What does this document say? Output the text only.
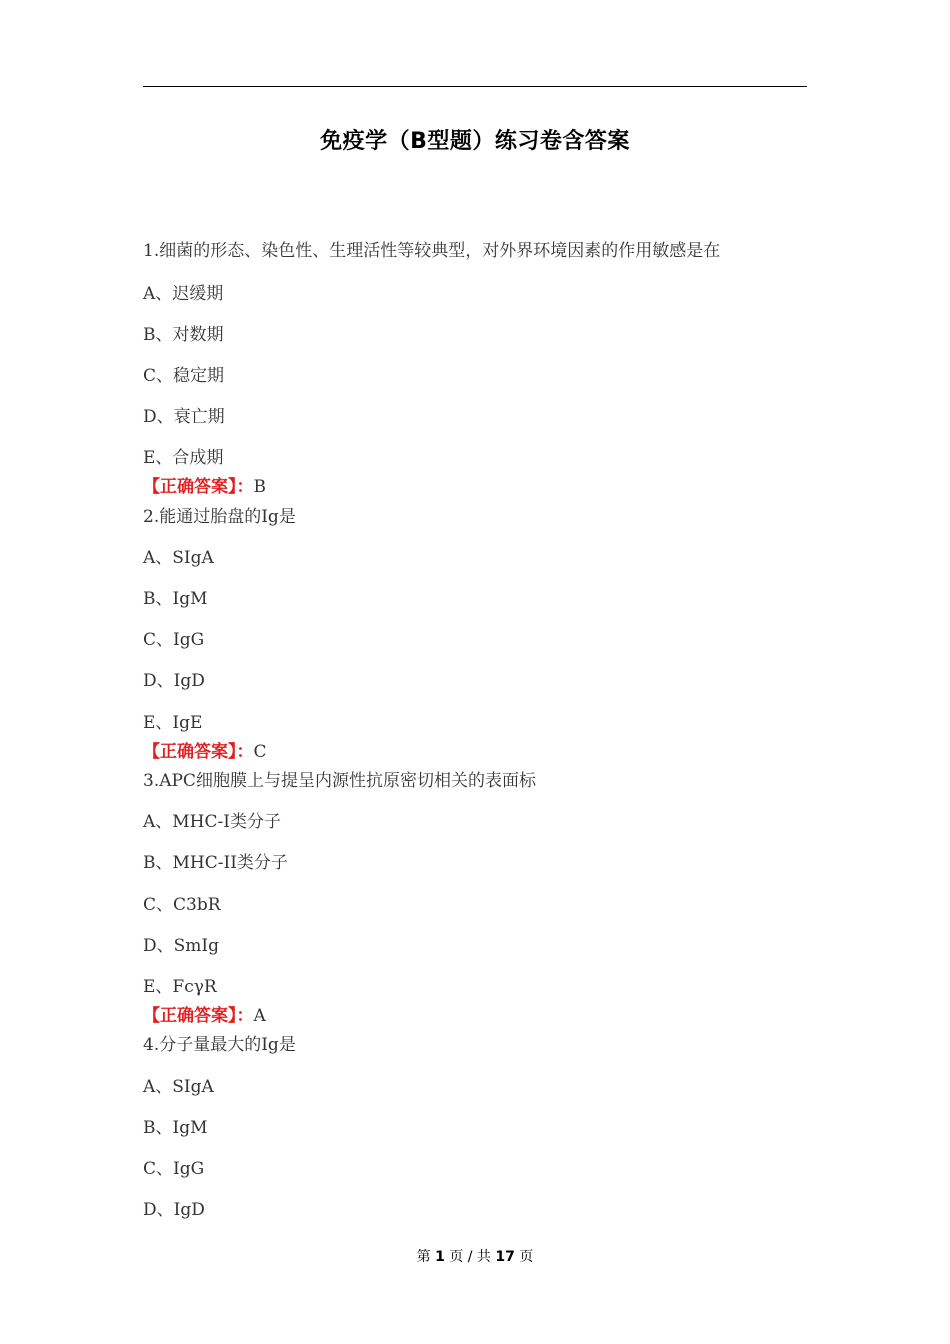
免疫学（B型题）练习卷含答案
1.细菌的形态、染色性、生理活性等较典型，对外界环境因素的作用敏感是在
A、迟缓期
B、对数期
C、稳定期
D、衰亡期
E、合成期
【正确答案】：B
2.能通过胎盘的Ig是
A、SIgA
B、IgM
C、IgG
D、IgD
E、IgE
【正确答案】：C
3.APC细胞膜上与提呈内源性抗原密切相关的表面标
A、MHC-I类分子
B、MHC-II类分子
C、C3bR
D、SmIg
E、FcγR
【正确答案】：A
4.分子量最大的Ig是
A、SIgA
B、IgM
C、IgG
D、IgD
第 1 页 / 共 17 页
